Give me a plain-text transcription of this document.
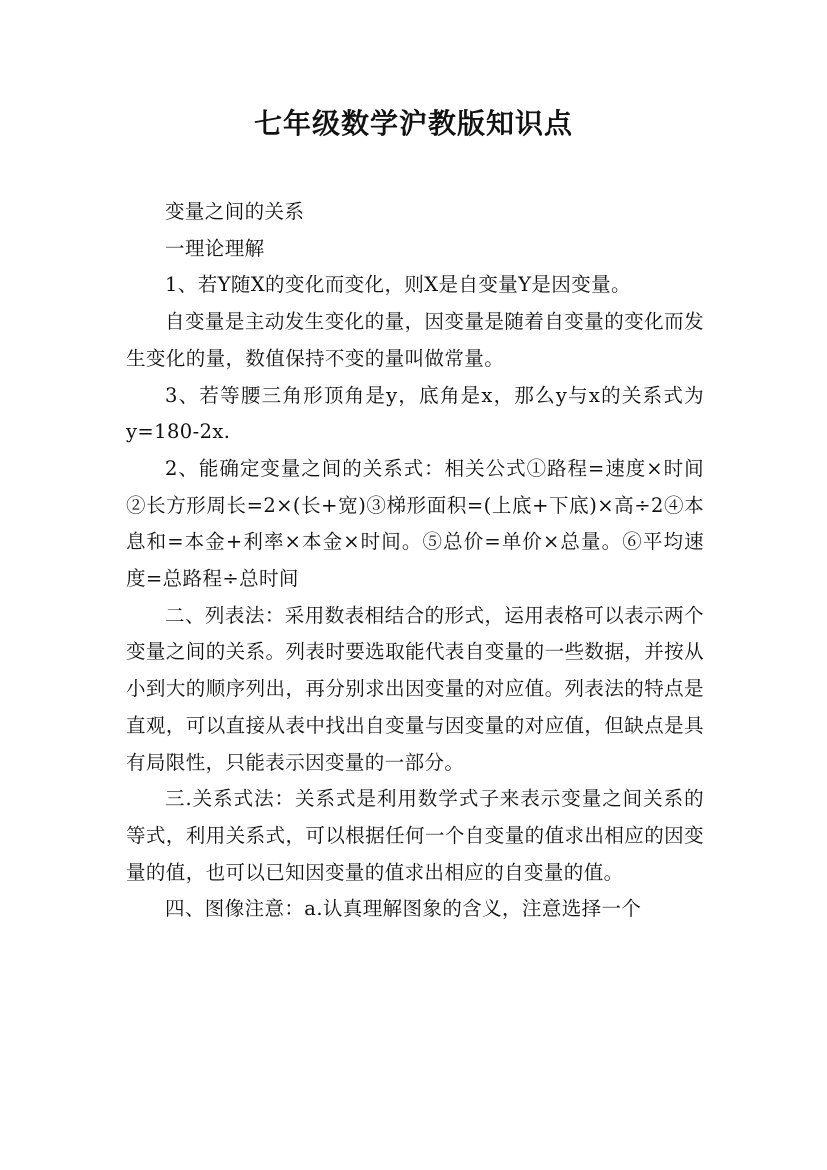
七年级数学沪教版知识点

变量之间的关系

一理论理解

1、若Y随X的变化而变化，则X是自变量Y是因变量。

自变量是主动发生变化的量，因变量是随着自变量的变化而发生变化的量，数值保持不变的量叫做常量。

3、若等腰三角形顶角是y，底角是x，那么y与x的关系式为y=180-2x.

2、能确定变量之间的关系式：相关公式①路程=速度×时间②长方形周长=2×(长+宽)③梯形面积=(上底+下底)×高÷2④本息和=本金+利率×本金×时间。⑤总价=单价×总量。⑥平均速度=总路程÷总时间

二、列表法：采用数表相结合的形式，运用表格可以表示两个变量之间的关系。列表时要选取能代表自变量的一些数据，并按从小到大的顺序列出，再分别求出因变量的对应值。列表法的特点是直观，可以直接从表中找出自变量与因变量的对应值，但缺点是具有局限性，只能表示因变量的一部分。

三.关系式法：关系式是利用数学式子来表示变量之间关系的等式，利用关系式，可以根据任何一个自变量的值求出相应的因变量的值，也可以已知因变量的值求出相应的自变量的值。

四、图像注意：a.认真理解图象的含义，注意选择一个
